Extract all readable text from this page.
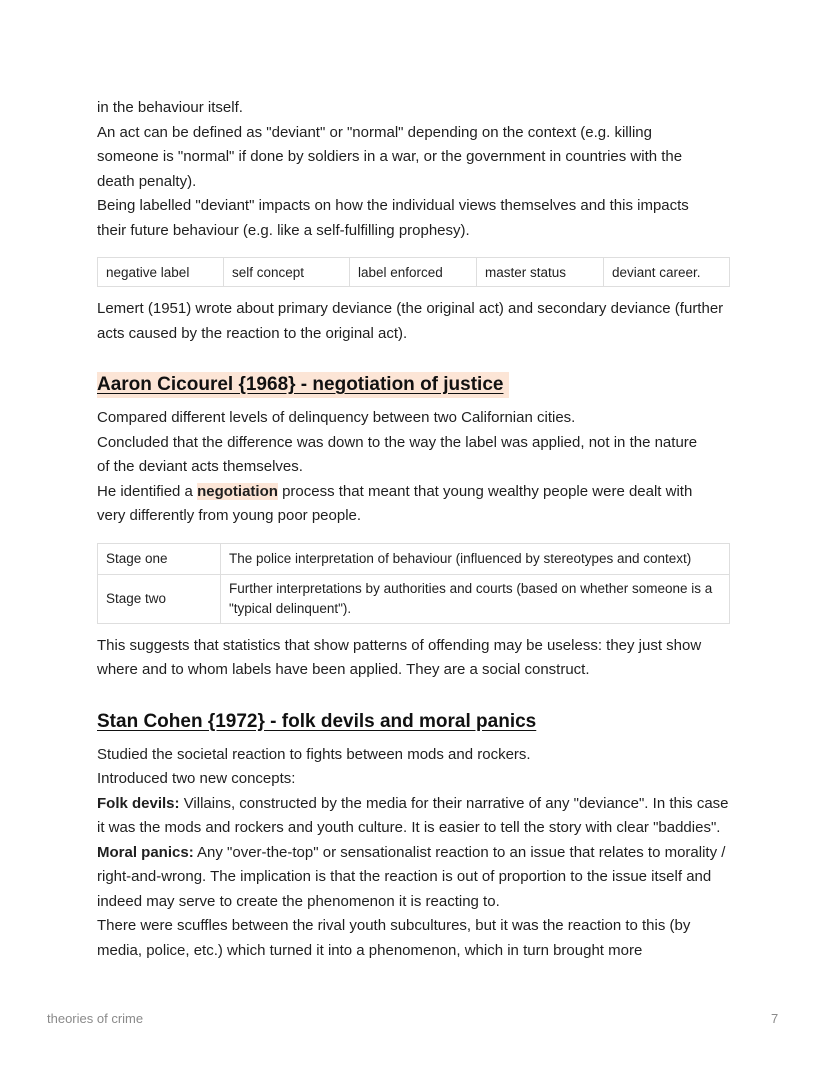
in the behaviour itself.

An act can be defined as "deviant" or "normal" depending on the context (e.g. killing someone is "normal" if done by soldiers in a war, or the government in countries with the death penalty).

Being labelled "deviant" impacts on how the individual views themselves and this impacts their future behaviour (e.g. like a self-fulfilling prophesy).

negative label	self concept	label enforced	master status	deviant career.

Lemert (1951) wrote about primary deviance (the original act) and secondary deviance (further acts caused by the reaction to the original act).

Aaron Cicourel {1968} - negotiation of justice

Compared different levels of delinquency between two Californian cities.

Concluded that the difference was down to the way the label was applied, not in the nature of the deviant acts themselves.

He identified a negotiation process that meant that young wealthy people were dealt with very differently from young poor people.

Stage one	The police interpretation of behaviour (influenced by stereotypes and context)
Stage two	Further interpretations by authorities and courts (based on whether someone is a "typical delinquent").

This suggests that statistics that show patterns of offending may be useless: they just show where and to whom labels have been applied. They are a social construct.

Stan Cohen {1972} - folk devils and moral panics

Studied the societal reaction to fights between mods and rockers.

Introduced two new concepts:

Folk devils: Villains, constructed by the media for their narrative of any "deviance". In this case it was the mods and rockers and youth culture. It is easier to tell the story with clear "baddies".

Moral panics: Any "over-the-top" or sensationalist reaction to an issue that relates to morality / right-and-wrong. The implication is that the reaction is out of proportion to the issue itself and indeed may serve to create the phenomenon it is reacting to.

There were scuffles between the rival youth subcultures, but it was the reaction to this (by media, police, etc.) which turned it into a phenomenon, which in turn brought more

theories of crime	7
